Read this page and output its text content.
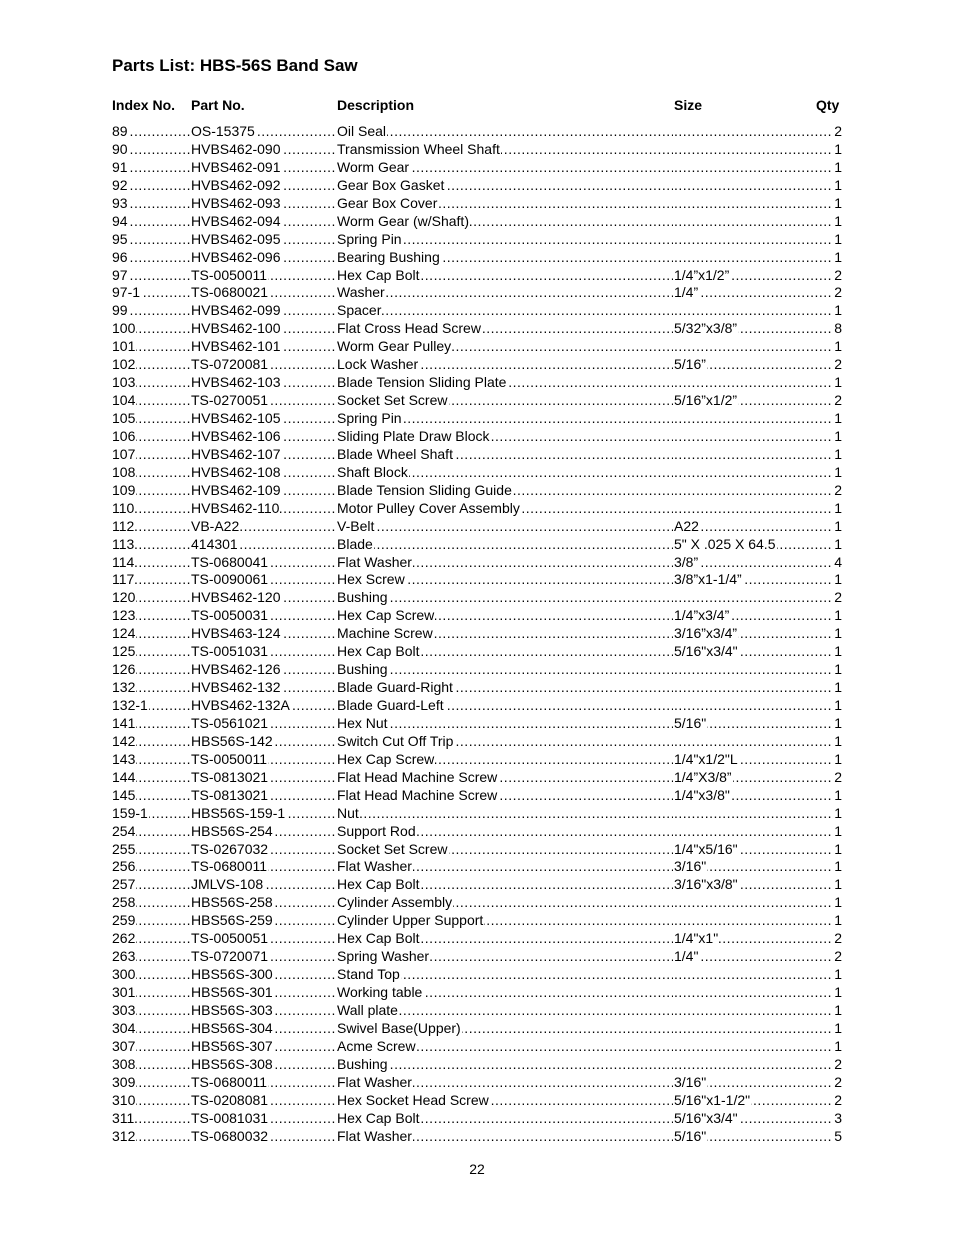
Parts List: HBS-56S Band Saw
Index No. Part No.	Description	Size	Qty
89 .....	OS-15375 .....	Oil Seal ..... .....	2
90 .....	HVBS462-090 .....	Transmission Wheel Shaft ..... .....	1
91 .....	HVBS462-091 .....	Worm Gear ..... .....	1
92 .....	HVBS462-092 .....	Gear Box Gasket ..... .....	1
93 .....	HVBS462-093 .....	Gear Box Cover ..... .....	1
94 .....	HVBS462-094 .....	Worm Gear (w/Shaft) ..... .....	1
95 .....	HVBS462-095 .....	Spring Pin ..... .....	1
96 .....	HVBS462-096 .....	Bearing Bushing ..... .....	1
97 .....	TS-0050011 .....	Hex Cap Bolt .....	1/4”x1/2” .....	2
97-1 .....	TS-0680021 .....	Washer .....	1/4” .....	2
99 .....	HVBS462-099 .....	Spacer ..... .....	1
100 .....	HVBS462-100 .....	Flat Cross Head Screw .....	5/32”x3/8” .....	8
101 .....	HVBS462-101 .....	Worm Gear Pulley ..... .....	1
102 .....	TS-0720081 .....	Lock Washer .....	5/16” .....	2
103 .....	HVBS462-103 .....	Blade Tension Sliding Plate ..... .....	1
104 .....	TS-0270051 .....	Socket Set Screw .....	5/16”x1/2” .....	2
105 .....	HVBS462-105 .....	Spring Pin ..... .....	1
106 .....	HVBS462-106 .....	Sliding Plate Draw Block ..... .....	1
107 .....	HVBS462-107 .....	Blade Wheel Shaft ..... .....	1
108 .....	HVBS462-108 .....	Shaft Block ..... .....	1
109 .....	HVBS462-109 .....	Blade Tension Sliding Guide ..... .....	2
110 .....	HVBS462-110 .....	Motor Pulley Cover Assembly ..... .....	1
112 .....	VB-A22 .....	V-Belt .....	A22 .....	1
113 .....	414301 .....	Blade .....	5" X .025 X 64.5 .....	1
114 .....	TS-0680041 .....	Flat Washer .....	3/8” .....	4
117 .....	TS-0090061 .....	Hex Screw .....	3/8”x1-1/4” .....	1
120 .....	HVBS462-120 .....	Bushing ..... .....	2
123 .....	TS-0050031 .....	Hex Cap Screw .....	1/4”x3/4” .....	1
124 .....	HVBS463-124 .....	Machine Screw .....	3/16”x3/4” .....	1
125 .....	TS-0051031 .....	Hex Cap Bolt .....	5/16"x3/4" .....	1
126 .....	HVBS462-126 .....	Bushing ..... .....	1
132 .....	HVBS462-132 .....	Blade Guard-Right ..... .....	1
132-1 .....	HVBS462-132A .....	Blade Guard-Left ..... .....	1
141 .....	TS-0561021 .....	Hex Nut .....	5/16" .....	1
142 .....	HBS56S-142 .....	Switch Cut Off Trip ..... .....	1
143 .....	TS-0050011 .....	Hex Cap Screw .....	1/4"x1/2"L .....	1
144 .....	TS-0813021 .....	Flat Head Machine Screw .....	1/4”X3/8” .....	2
145 .....	TS-0813021 .....	Flat Head Machine Screw .....	1/4"x3/8" .....	1
159-1 .....	HBS56S-159-1 .....	Nut ..... .....	1
254 .....	HBS56S-254 .....	Support Rod ..... .....	1
255 .....	TS-0267032 .....	Socket Set Screw .....	1/4"x5/16" .....	1
256 .....	TS-0680011 .....	Flat Washer .....	3/16" .....	1
257 .....	JMLVS-108 .....	Hex Cap Bolt .....	3/16"x3/8" .....	1
258 .....	HBS56S-258 .....	Cylinder Assembly ..... .....	1
259 .....	HBS56S-259 .....	Cylinder Upper Support ..... .....	1
262 .....	TS-0050051 .....	Hex Cap Bolt .....	1/4"x1" .....	2
263 .....	TS-0720071 .....	Spring Washer .....	1/4" .....	2
300 .....	HBS56S-300 .....	Stand Top ..... .....	1
301 .....	HBS56S-301 .....	Working table ..... .....	1
303 .....	HBS56S-303 .....	Wall plate ..... .....	1
304 .....	HBS56S-304 .....	Swivel Base(Upper) ..... .....	1
307 .....	HBS56S-307 .....	Acme Screw ..... .....	1
308 .....	HBS56S-308 .....	Bushing ..... .....	2
309 .....	TS-0680011 .....	Flat Washer .....	3/16" .....	2
310 .....	TS-0208081 .....	Hex Socket Head Screw .....	5/16"x1-1/2" .....	2
311 .....	TS-0081031 .....	Hex Cap Bolt .....	5/16"x3/4" .....	3
312 .....	TS-0680032 .....	Flat Washer .....	5/16" .....	5
22
